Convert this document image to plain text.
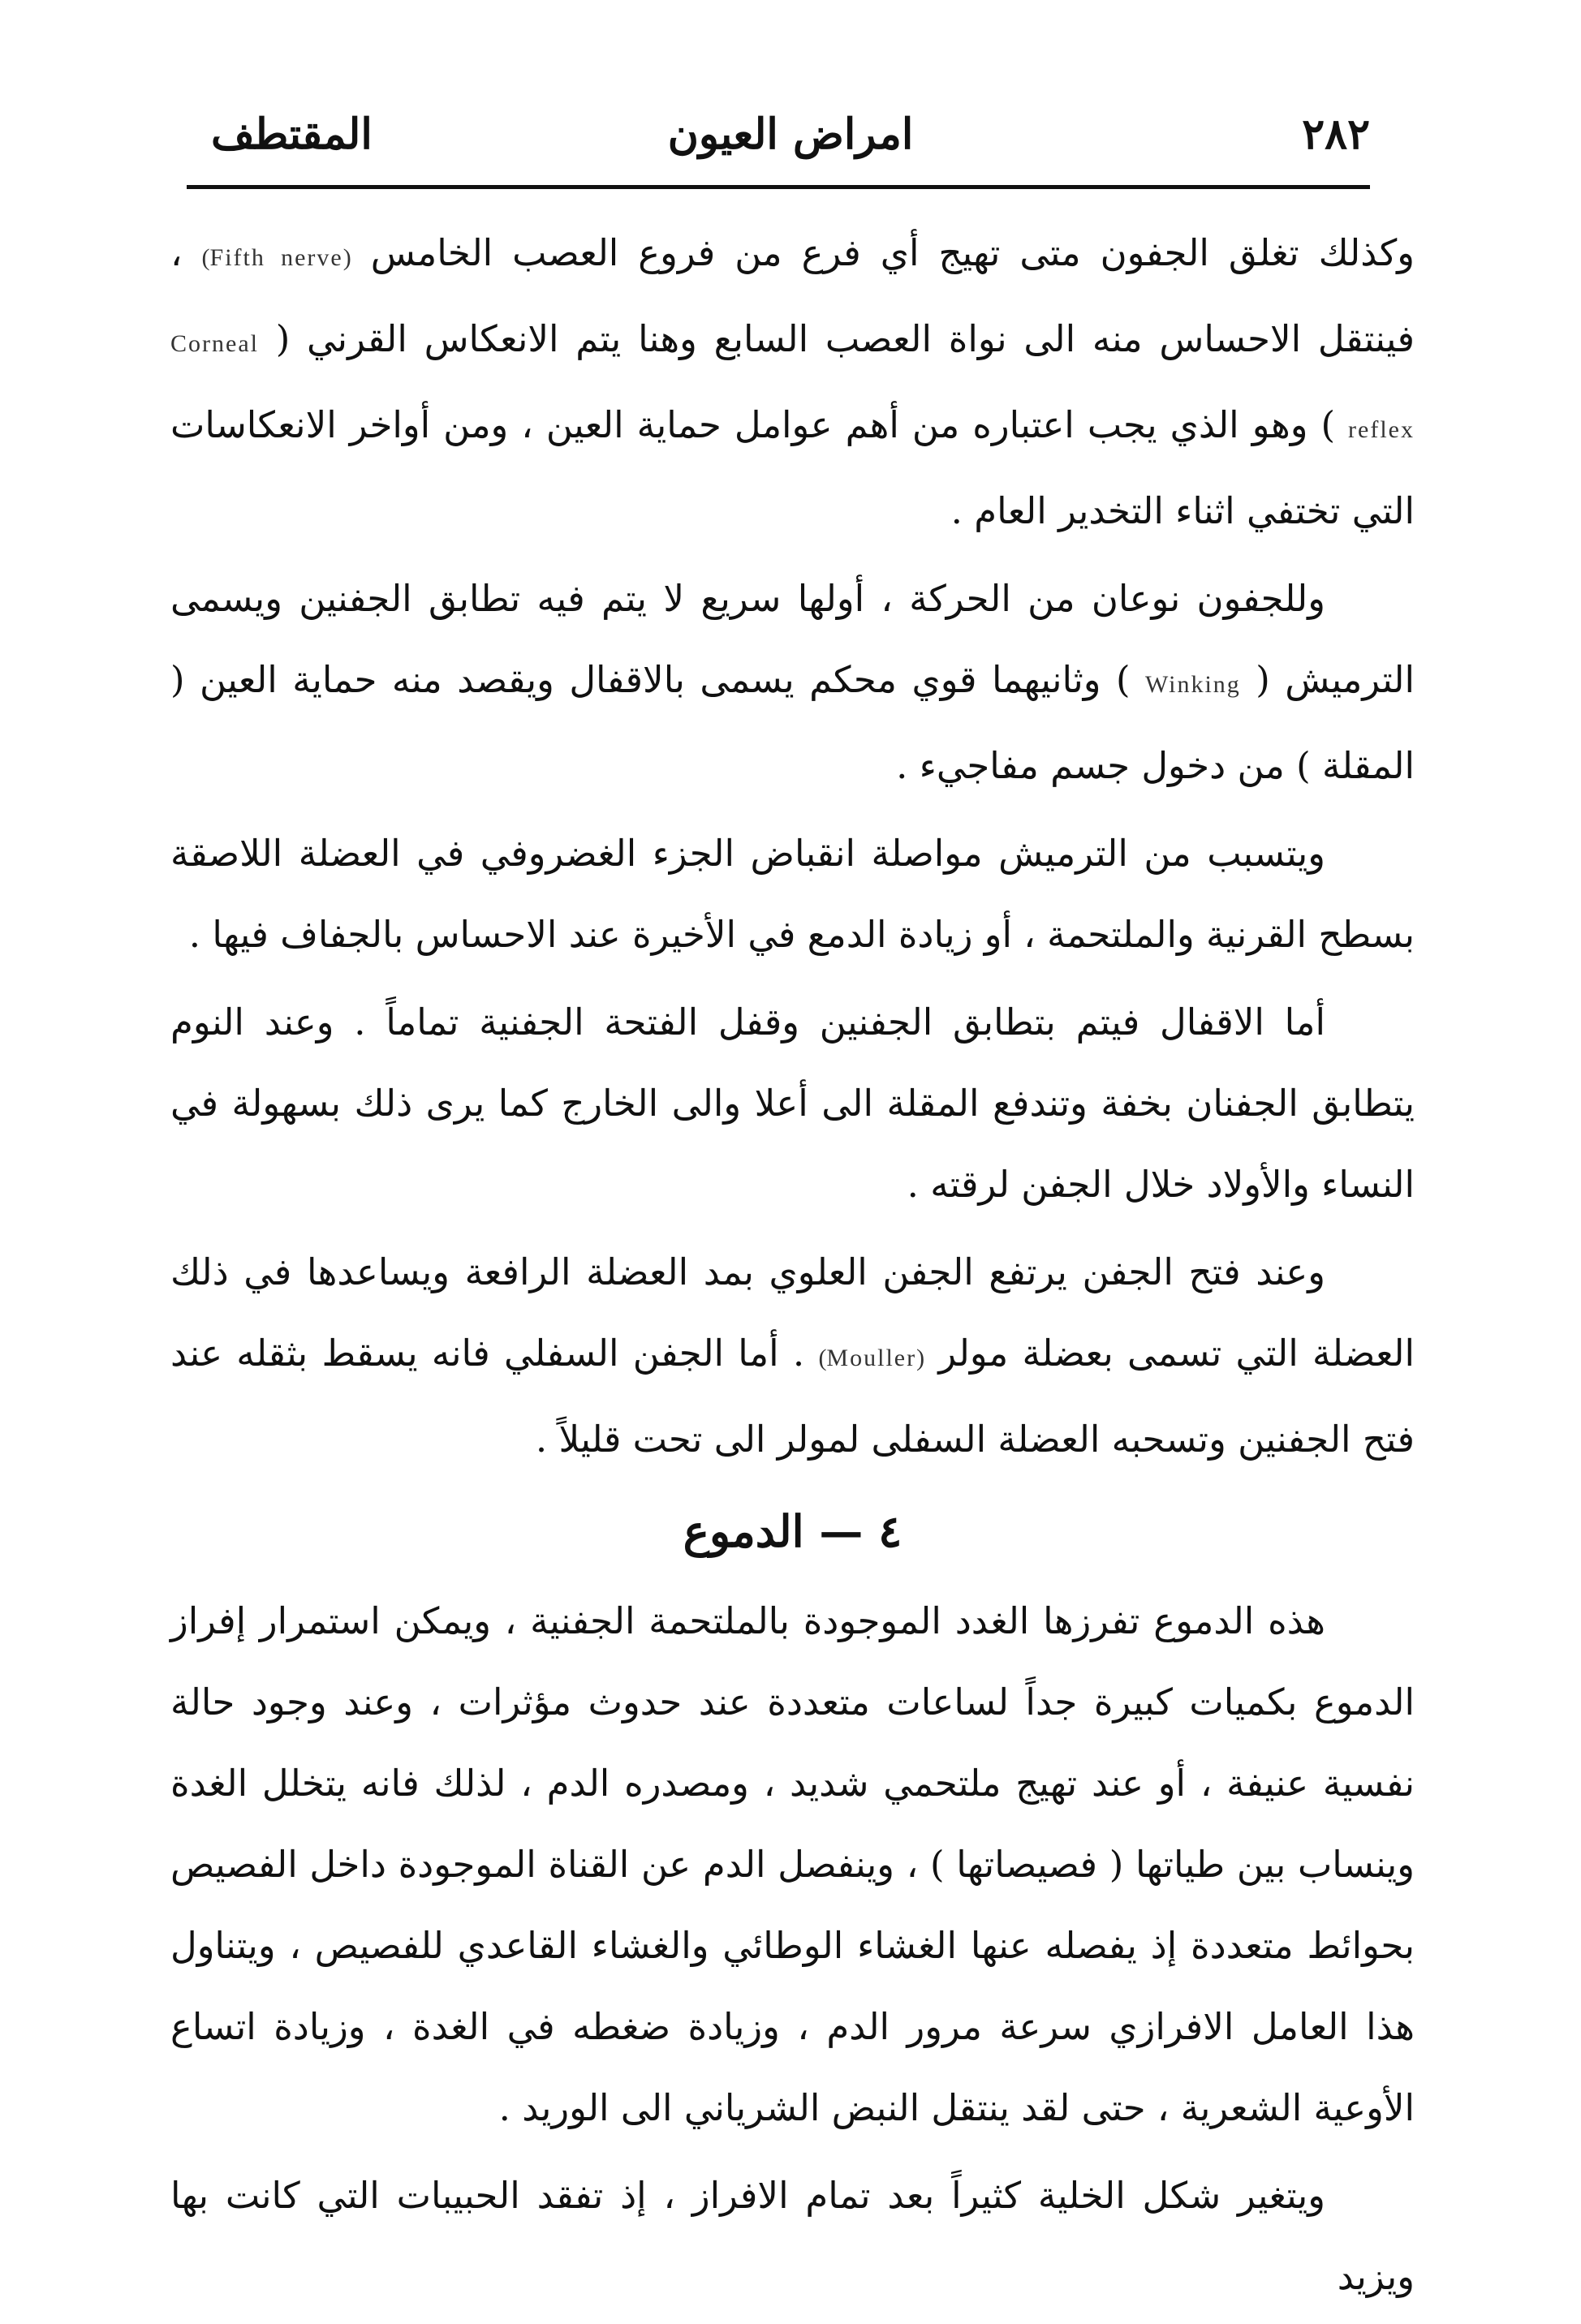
٢٨٢
امراض العيون
المقتطف

وكذلك تغلق الجفون متى تهيج أي فرع من فروع العصب الخامس (Fifth nerve) ، فينتقل الاحساس منه الى نواة العصب السابع وهنا يتم الانعكاس القرني ( Corneal reflex ) وهو الذي يجب اعتباره من أهم عوامل حماية العين ، ومن أواخر الانعكاسات التي تختفي اثناء التخدير العام .

وللجفون نوعان من الحركة ، أولها سريع لا يتم فيه تطابق الجفنين ويسمى الترميش ( Winking ) وثانيهما قوي محكم يسمى بالاقفال ويقصد منه حماية العين ( المقلة ) من دخول جسم مفاجيء .

ويتسبب من الترميش مواصلة انقباض الجزء الغضروفي في العضلة اللاصقة بسطح القرنية والملتحمة ، أو زيادة الدمع في الأخيرة عند الاحساس بالجفاف فيها .

أما الاقفال فيتم بتطابق الجفنين وقفل الفتحة الجفنية تماماً . وعند النوم يتطابق الجفنان بخفة وتندفع المقلة الى أعلا والى الخارج كما يرى ذلك بسهولة في النساء والأولاد خلال الجفن لرقته .

وعند فتح الجفن يرتفع الجفن العلوي بمد العضلة الرافعة ويساعدها في ذلك العضلة التي تسمى بعضلة مولر (Mouller) . أما الجفن السفلي فانه يسقط بثقله عند فتح الجفنين وتسحبه العضلة السفلى لمولر الى تحت قليلاً .

٤ — الدموع

هذه الدموع تفرزها الغدد الموجودة بالملتحمة الجفنية ، ويمكن استمرار إفراز الدموع بكميات كبيرة جداً لساعات متعددة عند حدوث مؤثرات ، وعند وجود حالة نفسية عنيفة ، أو عند تهيج ملتحمي شديد ، ومصدره الدم ، لذلك فانه يتخلل الغدة وينساب بين طياتها ( فصيصاتها ) ، وينفصل الدم عن القناة الموجودة داخل الفصيص بحوائط متعددة إذ يفصله عنها الغشاء الوطائي والغشاء القاعدي للفصيص ، ويتناول هذا العامل الافرازي سرعة مرور الدم ، وزيادة ضغطه في الغدة ، وزيادة اتساع الأوعية الشعرية ، حتى لقد ينتقل النبض الشرياني الى الوريد .

ويتغير شكل الخلية كثيراً بعد تمام الافراز ، إذ تفقد الحبيبات التي كانت بها ويزيد
